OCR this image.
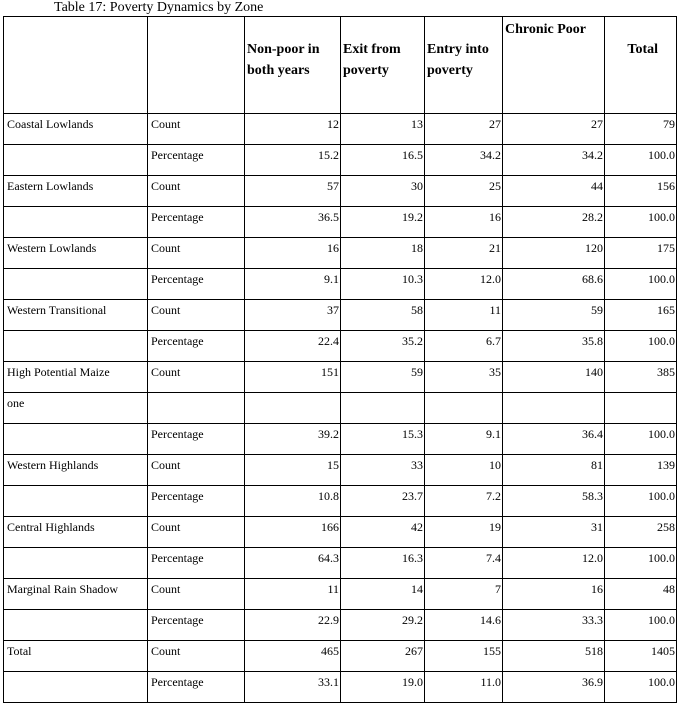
Table 17: Poverty Dynamics by Zone
		Non-poor in both years	Exit from poverty	Entry into poverty	Chronic Poor	Total
Coastal Lowlands	Count	12	13	27	27	79
	Percentage	15.2	16.5	34.2	34.2	100.0
Eastern Lowlands	Count	57	30	25	44	156
	Percentage	36.5	19.2	16	28.2	100.0
Western Lowlands	Count	16	18	21	120	175
	Percentage	9.1	10.3	12.0	68.6	100.0
Western Transitional	Count	37	58	11	59	165
	Percentage	22.4	35.2	6.7	35.8	100.0
High Potential Maize	Count	151	59	35	140	385
one						
	Percentage	39.2	15.3	9.1	36.4	100.0
Western Highlands	Count	15	33	10	81	139
	Percentage	10.8	23.7	7.2	58.3	100.0
Central Highlands	Count	166	42	19	31	258
	Percentage	64.3	16.3	7.4	12.0	100.0
Marginal Rain Shadow	Count	11	14	7	16	48
	Percentage	22.9	29.2	14.6	33.3	100.0
Total	Count	465	267	155	518	1405
	Percentage	33.1	19.0	11.0	36.9	100.0
